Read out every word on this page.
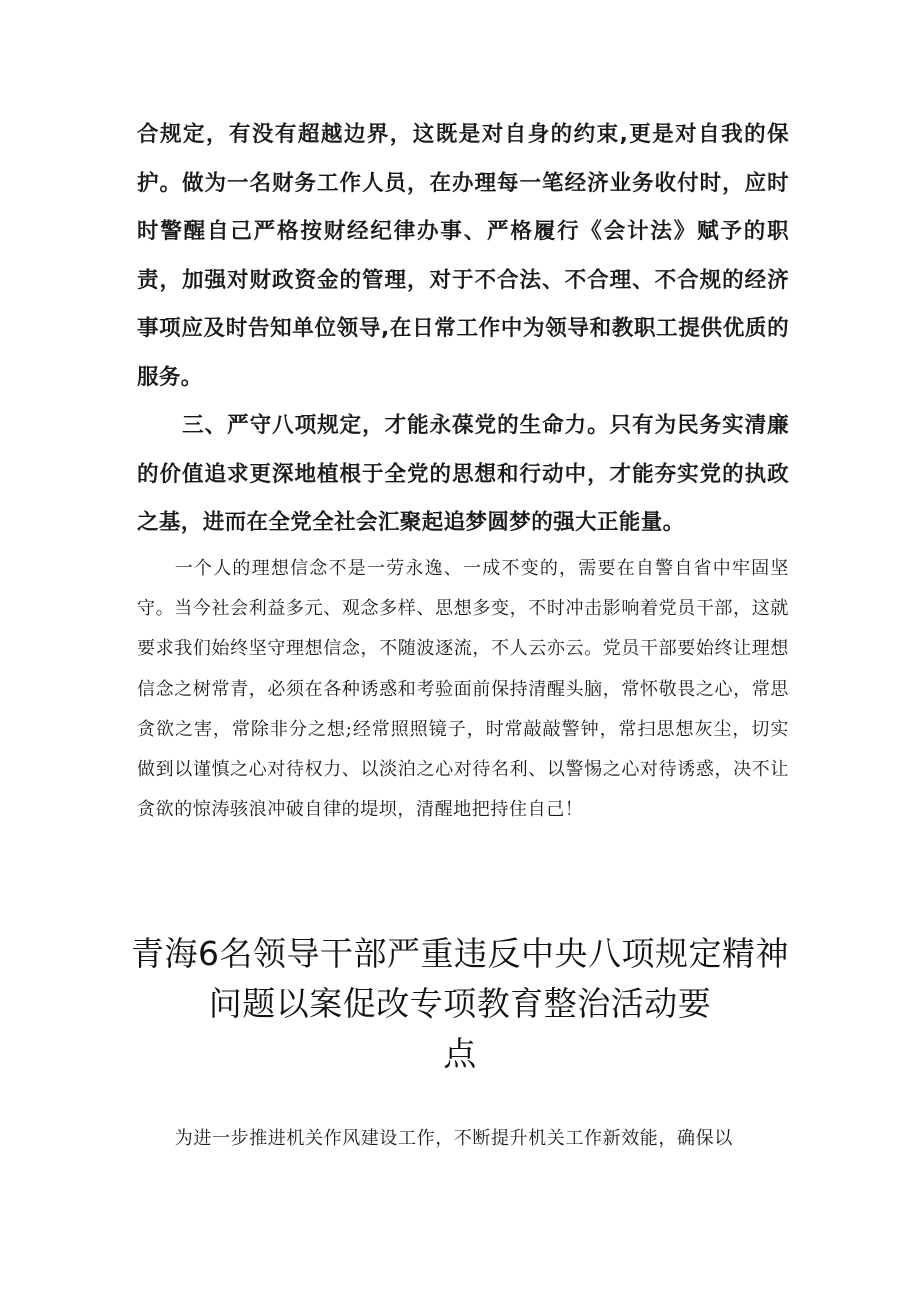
合规定，有没有超越边界，这既是对自身的约束,更是对自我的保护。做为一名财务工作人员，在办理每一笔经济业务收付时，应时时警醒自己严格按财经纪律办事、严格履行《会计法》赋予的职责，加强对财政资金的管理，对于不合法、不合理、不合规的经济事项应及时告知单位领导,在日常工作中为领导和教职工提供优质的服务。

三、严守八项规定，才能永葆党的生命力。只有为民务实清廉的价值追求更深地植根于全党的思想和行动中，才能夯实党的执政之基，进而在全党全社会汇聚起追梦圆梦的强大正能量。

一个人的理想信念不是一劳永逸、一成不变的，需要在自警自省中牢固坚守。当今社会利益多元、观念多样、思想多变，不时冲击影响着党员干部，这就要求我们始终坚守理想信念，不随波逐流，不人云亦云。党员干部要始终让理想信念之树常青，必须在各种诱惑和考验面前保持清醒头脑，常怀敬畏之心，常思贪欲之害，常除非分之想;经常照照镜子，时常敲敲警钟，常扫思想灰尘，切实做到以谨慎之心对待权力、以淡泊之心对待名利、以警惕之心对待诱惑，决不让贪欲的惊涛骇浪冲破自律的堤坝，清醒地把持住自己！

青海6名领导干部严重违反中央八项规定精神
问题以案促改专项教育整治活动要
点

为进一步推进机关作风建设工作，不断提升机关工作新效能，确保以
